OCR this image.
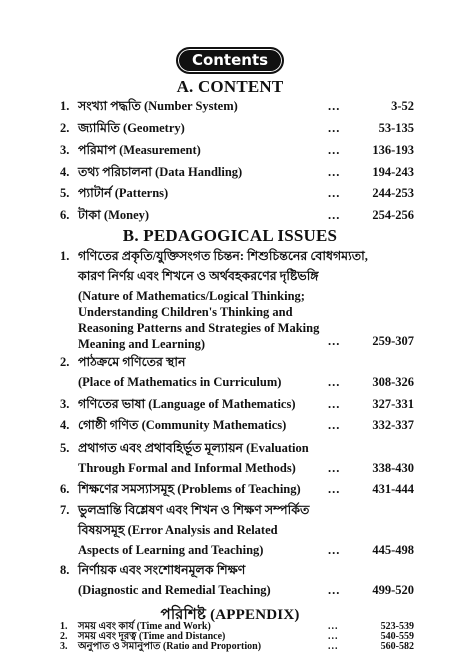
Contents
A. CONTENT
1. সংখ্যা পদ্ধতি (Number System)	...	3-52
2. জ্যামিতি (Geometry)	...	53-135
3. পরিমাপ (Measurement)	...	136-193
4. তথ্য পরিচালনা (Data Handling)	...	194-243
5. প্যাটার্ন (Patterns)	...	244-253
6. টাকা (Money)	...	254-256
B. PEDAGOGICAL ISSUES
1. গণিতের প্রকৃতি/যুক্তিসংগত চিন্তন: শিশুচিন্তনের বোধগম্যতা,
কারণ নির্ণয় এবং শিখনে ও অর্থবহকরণের দৃষ্টিভঙ্গি
(Nature of Mathematics/Logical Thinking;
Understanding Children's Thinking and
Reasoning Patterns and Strategies of Making
Meaning and Learning)	...	259-307
2. পাঠক্রমে গণিতের স্থান
(Place of Mathematics in Curriculum)	...	308-326
3. গণিতের ভাষা (Language of Mathematics)	...	327-331
4. গোষ্ঠী গণিত (Community Mathematics)	...	332-337
5. প্রথাগত এবং প্রথাবহির্ভূত মূল্যায়ন (Evaluation
Through Formal and Informal Methods)	...	338-430
6. শিক্ষণের সমস্যাসমূহ (Problems of Teaching)	...	431-444
7. ভুলভ্রান্তি বিশ্লেষণ এবং শিখন ও শিক্ষণ সম্পর্কিত
বিষয়সমূহ (Error Analysis and Related
Aspects of Learning and Teaching)	...	445-498
8. নির্ণায়ক এবং সংশোধনমূলক শিক্ষণ
(Diagnostic and Remedial Teaching)	...	499-520
পরিশিষ্ট (APPENDIX)
1.	সময় এবং কার্য (Time and Work)	...	523-539
2.	সময় এবং দূরত্ব (Time and Distance)	...	540-559
3.	অনুপাত ও সমানুপাত (Ratio and Proportion)	...	560-582
